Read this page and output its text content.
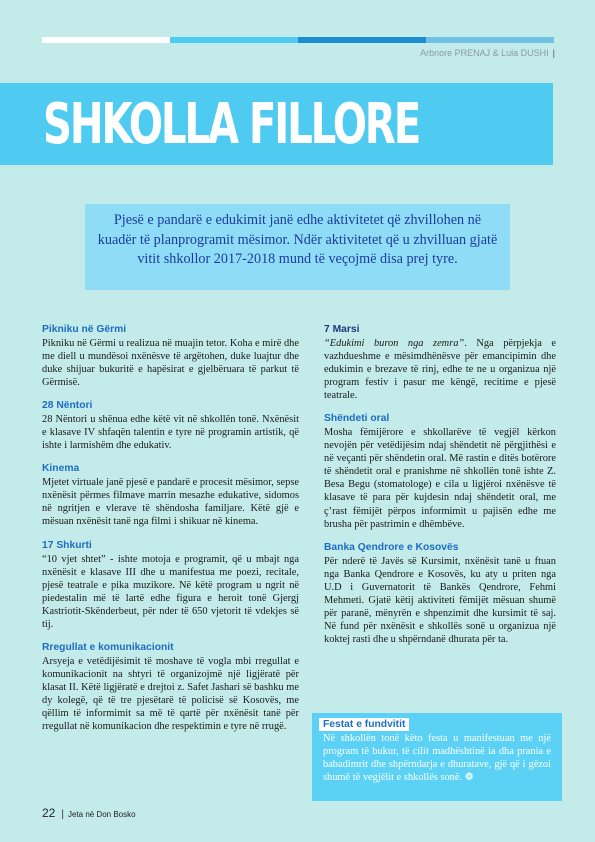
Arbnore PRENAJ & Lula DUSHI |
SHKOLLA FILLORE
Pjesë e pandarë e edukimit janë edhe aktivitetet që zhvillohen në kuadër të planprogramit mësimor. Ndër aktivitetet që u zhvilluan gjatë vitit shkollor 2017-2018 mund të veçojmë disa prej tyre.
Pikniku në Gërmi

Pikniku në Gërmi u realizua në muajin tetor. Koha e mirë dhe me diell u mundësoi nxënësve të argëtohen, duke luajtur dhe duke shijuar bukuritë e hapësirat e gjelbëruara të parkut të Gërmisë.

28 Nëntori

28 Nëntori u shënua edhe këtë vit në shkollën tonë. Nxënësit e klasave IV shfaqën talentin e tyre në programin artistik, që ishte i larmishëm dhe edukativ.

Kinema

Mjetet virtuale janë pjesë e pandarë e procesit mësimor, sepse nxënësit përmes filmave marrin mesazhe edukative, sidomos në ngritjen e vlerave të shëndosha familjare. Këtë gjë e mësuan nxënësit tanë nga filmi i shikuar në kinema.

17 Shkurti

“10 vjet shtet” - ishte motoja e programit, që u mbajt nga nxënësit e klasave III dhe u manifestua me poezi, recitale, pjesë teatrale e pika muzikore. Në këtë program u ngrit në piedestalin më të lartë edhe figura e heroit tonë Gjergj Kastriotit-Skënderbeut, për nder të 650 vjetorit të vdekjes së tij.

Rregullat e komunikacionit

Arsyeja e vetëdijësimit të moshave të vogla mbi rregullat e komunikacionit na shtyri të organizojmë një ligjëratë për klasat II. Këtë ligjëratë e drejtoi z. Safet Jashari së bashku me dy kolegë, që të tre pjesëtarë të policisë së Kosovës, me qëllim të informimit sa më të qartë për nxënësit tanë për rregullat në komunikacion dhe respektimin e tyre në rrugë.

7 Marsi

“Edukimi buron nga zemra”. Nga përpjekja e vazhdueshme e mësimdhënësve për emancipimin dhe edukimin e brezave të rinj, edhe te ne u organizua një program festiv i pasur me këngë, recitime e pjesë teatrale.

Shëndeti oral

Mosha fëmijërore e shkollarëve të vegjël kërkon nevojën për vetëdijësim ndaj shëndetit në përgjithësi e në veçanti për shëndetin oral. Më rastin e ditës botërore të shëndetit oral e pranishme në shkollën tonë ishte Z. Besa Begu (stomatologe) e cila u ligjëroi nxënësve të klasave të para për kujdesin ndaj shëndetit oral, me ç’rast fëmijët përpos informimit u pajisën edhe me brusha për pastrimin e dhëmbëve.

Banka Qendrore e Kosovës

Për nderë të Javës së Kursimit, nxënësit tanë u ftuan nga Banka Qendrore e Kosovës, ku aty u priten nga U.D i Guvernatorit të Bankës Qendrore, Fehmi Mehmeti. Gjatë këtij aktiviteti fëmijët mësuan shumë për paranë, mënyrën e shpenzimit dhe kursimit të saj. Në fund për nxënësit e shkollës sonë u organizua një koktej rasti dhe u shpërndanë dhurata për ta.

Festat e fundvitit

Në shkollën tonë këto festa u manifestuan me një program të bukur, të cilit madhështinë ia dha prania e babadimrit dhe shpërndarja e dhuratave, gjë që i gëzoi shumë të vegjëlit e shkollës sonë. ❁

22 | Jeta në Don Bosko
